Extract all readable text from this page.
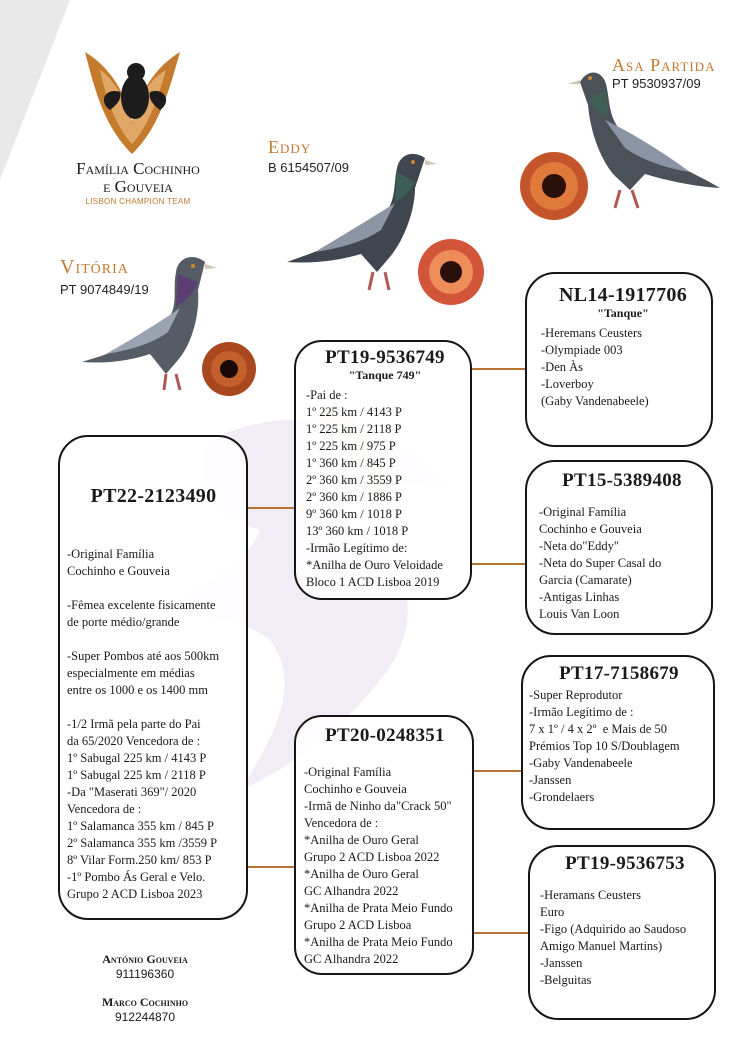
Família Cochinho
e Gouveia
LISBON CHAMPION TEAM
Asa Partida
PT 9530937/09
Eddy
B 6154507/09
Vitória
PT 9074849/19
PT22-2123490
-Original Família
Cochinho e Gouveia

-Fêmea excelente fisicamente
de porte médio/grande

-Super Pombos até aos 500km
especialmente em médias
entre os 1000 e os 1400 mm

-1/2 Irmã pela parte do Pai
da 65/2020 Vencedora de :
1º Sabugal 225 km / 4143 P
1º Sabugal 225 km / 2118 P
-Da "Maserati 369"/ 2020
Vencedora de :
1º Salamanca 355 km / 845 P
2º Salamanca 355 km /3559 P
8º Vilar Form.250 km/ 853 P
-1º Pombo Ás Geral e Velo.
Grupo 2 ACD Lisboa 2023
PT19-9536749
"Tanque 749"
-Pai de :
1º 225 km / 4143 P
1º 225 km / 2118 P
1º 225 km / 975 P
1º 360 km / 845 P
2º 360 km / 3559 P
2º 360 km / 1886 P
9º 360 km / 1018 P
13º 360 km / 1018 P
-Irmão Legítimo de:
*Anilha de Ouro Veloidade
Bloco 1 ACD Lisboa 2019
PT20-0248351
-Original Família
Cochinho e Gouveia
-Irmã de Ninho da"Crack 50"
Vencedora de :
*Anilha de Ouro Geral
Grupo 2 ACD Lisboa 2022
*Anilha de Ouro Geral
GC Alhandra 2022
*Anilha de Prata Meio Fundo
Grupo 2 ACD Lisboa
*Anilha de Prata Meio Fundo
GC Alhandra 2022
NL14-1917706
"Tanque"
-Heremans Ceusters
-Olympiade 003
-Den Às
-Loverboy
(Gaby Vandenabeele)
PT15-5389408
-Original Família
Cochinho e Gouveia
-Neta do"Eddy"
-Neta do Super Casal do
Garcia (Camarate)
-Antigas Linhas
Louis Van Loon
PT17-7158679
-Super Reprodutor
-Irmão Legítimo de :
7 x 1º / 4 x 2º  e Mais de 50
Prémios Top 10 S/Doublagem
-Gaby Vandenabeele
-Janssen
-Grondelaers
PT19-9536753
-Heramans Ceusters
Euro
-Figo (Adquirido ao Saudoso
Amigo Manuel Martins)
-Janssen
-Belguitas
António Gouveia
911196360
Marco Cochinho
912244870
